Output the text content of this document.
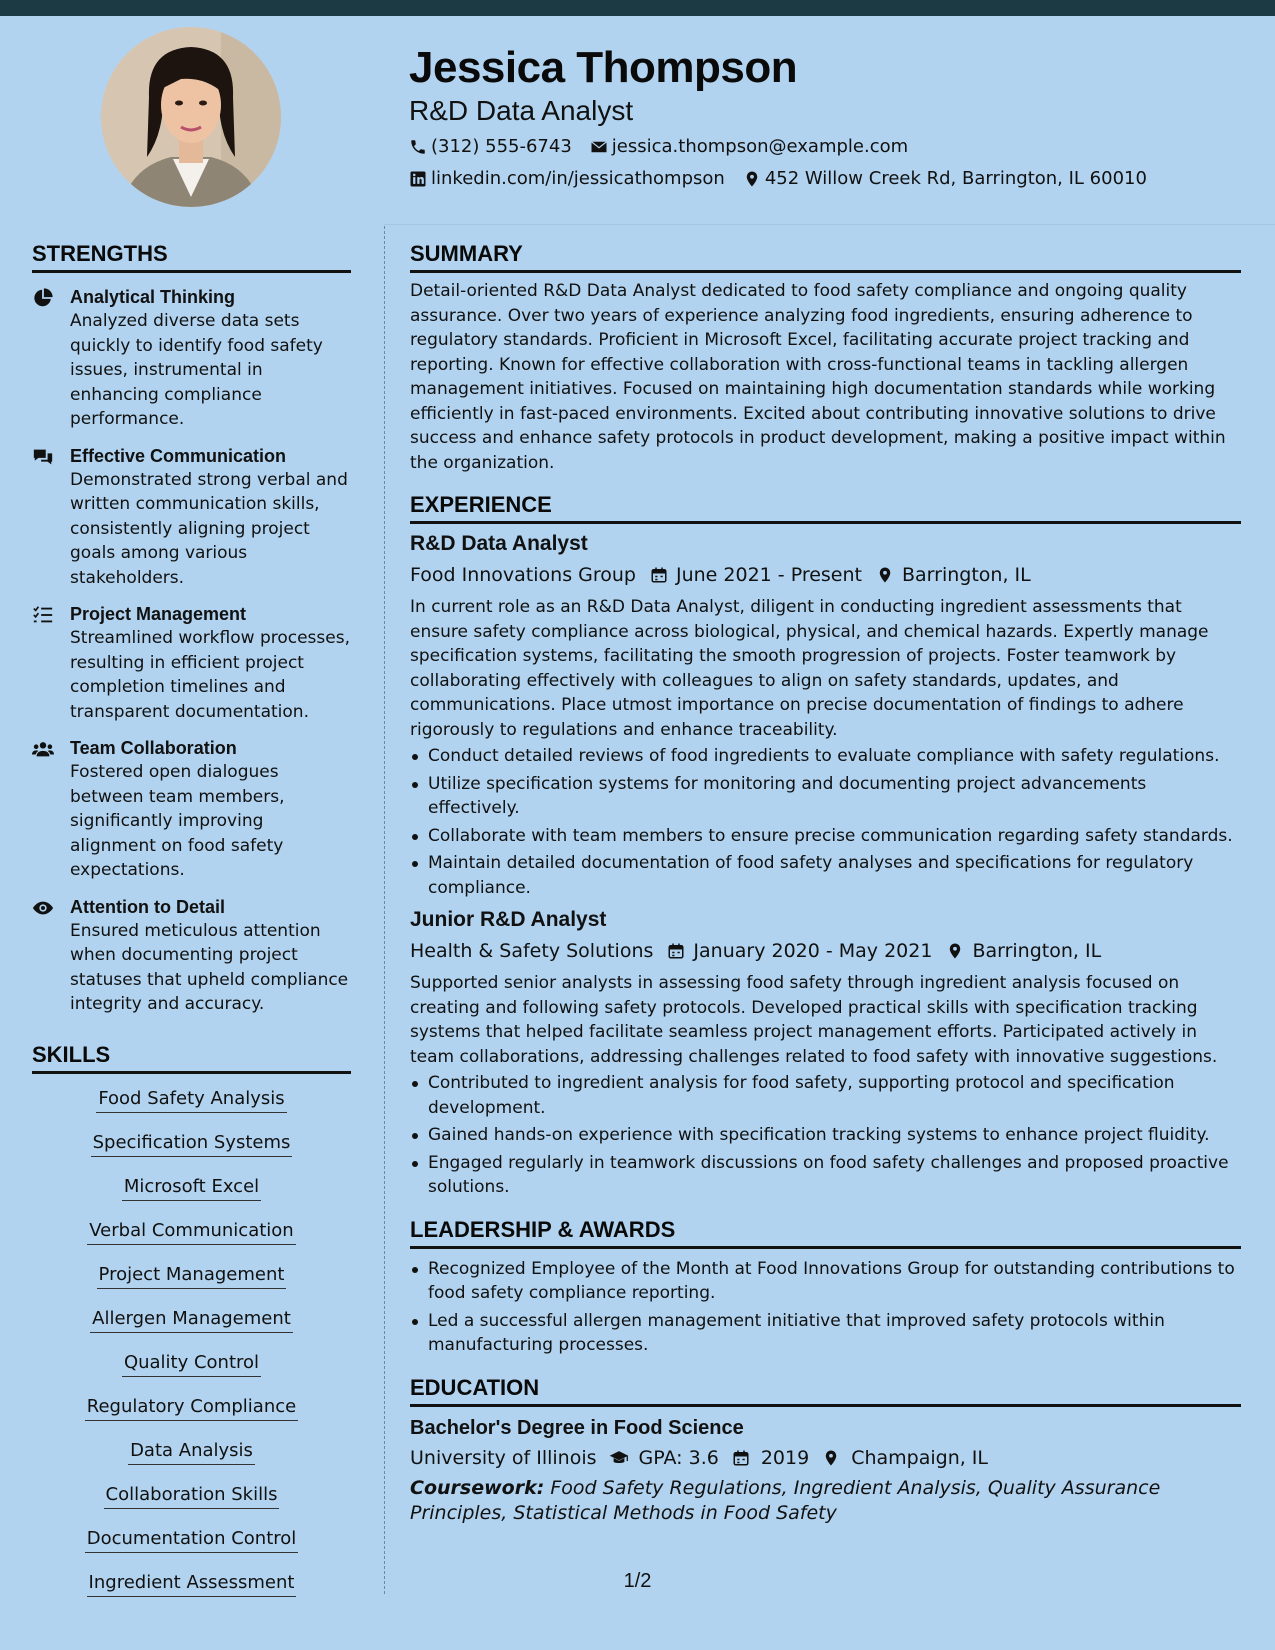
Jessica Thompson
R&D Data Analyst
(312) 555-6743 jessica.thompson@example.com
linkedin.com/in/jessicathompson 452 Willow Creek Rd, Barrington, IL 60010
STRENGTHS
Analytical Thinking
Analyzed diverse data sets quickly to identify food safety issues, instrumental in enhancing compliance performance.
Effective Communication
Demonstrated strong verbal and written communication skills, consistently aligning project goals among various stakeholders.
Project Management
Streamlined workflow processes, resulting in efficient project completion timelines and transparent documentation.
Team Collaboration
Fostered open dialogues between team members, significantly improving alignment on food safety expectations.
Attention to Detail
Ensured meticulous attention when documenting project statuses that upheld compliance integrity and accuracy.
SKILLS
Food Safety Analysis
Specification Systems
Microsoft Excel
Verbal Communication
Project Management
Allergen Management
Quality Control
Regulatory Compliance
Data Analysis
Collaboration Skills
Documentation Control
Ingredient Assessment
SUMMARY
Detail-oriented R&D Data Analyst dedicated to food safety compliance and ongoing quality assurance. Over two years of experience analyzing food ingredients, ensuring adherence to regulatory standards. Proficient in Microsoft Excel, facilitating accurate project tracking and reporting. Known for effective collaboration with cross-functional teams in tackling allergen management initiatives. Focused on maintaining high documentation standards while working efficiently in fast-paced environments. Excited about contributing innovative solutions to drive success and enhance safety protocols in product development, making a positive impact within the organization.
EXPERIENCE
R&D Data Analyst
Food Innovations Group June 2021 - Present Barrington, IL
In current role as an R&D Data Analyst, diligent in conducting ingredient assessments that ensure safety compliance across biological, physical, and chemical hazards. Expertly manage specification systems, facilitating the smooth progression of projects. Foster teamwork by collaborating effectively with colleagues to align on safety standards, updates, and communications. Place utmost importance on precise documentation of findings to adhere rigorously to regulations and enhance traceability.
Conduct detailed reviews of food ingredients to evaluate compliance with safety regulations.
Utilize specification systems for monitoring and documenting project advancements effectively.
Collaborate with team members to ensure precise communication regarding safety standards.
Maintain detailed documentation of food safety analyses and specifications for regulatory compliance.
Junior R&D Analyst
Health & Safety Solutions January 2020 - May 2021 Barrington, IL
Supported senior analysts in assessing food safety through ingredient analysis focused on creating and following safety protocols. Developed practical skills with specification tracking systems that helped facilitate seamless project management efforts. Participated actively in team collaborations, addressing challenges related to food safety with innovative suggestions.
Contributed to ingredient analysis for food safety, supporting protocol and specification development.
Gained hands-on experience with specification tracking systems to enhance project fluidity.
Engaged regularly in teamwork discussions on food safety challenges and proposed proactive solutions.
LEADERSHIP & AWARDS
Recognized Employee of the Month at Food Innovations Group for outstanding contributions to food safety compliance reporting.
Led a successful allergen management initiative that improved safety protocols within manufacturing processes.
EDUCATION
Bachelor's Degree in Food Science
University of Illinois GPA: 3.6 2019 Champaign, IL
Coursework: Food Safety Regulations, Ingredient Analysis, Quality Assurance Principles, Statistical Methods in Food Safety
1/2
